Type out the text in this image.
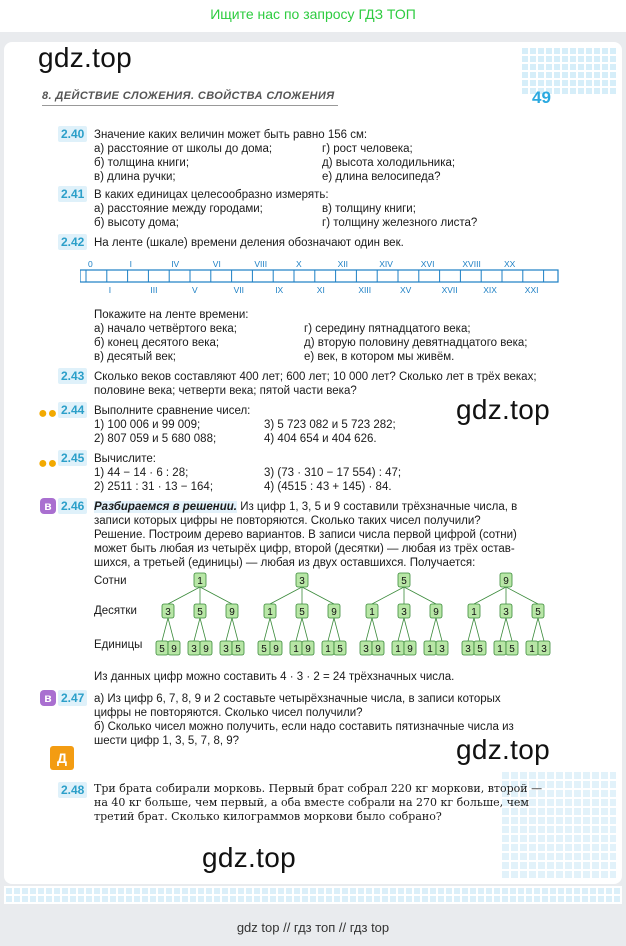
Ищите нас по запросу ГДЗ ТОП
gdz.top
8. ДЕЙСТВИЕ СЛОЖЕНИЯ. СВОЙСТВА СЛОЖЕНИЯ	49
2.40 Значение каких величин может быть равно 156 см:
а) расстояние от школы до дома;
б) толщина книги;
в) длина ручки;
г) рост человека;
д) высота холодильника;
е) длина велосипеда?
2.41 В каких единицах целесообразно измерять:
а) расстояние между городами;
б) высоту дома;
в) толщину книги;
г) толщину железного листа?
2.42 На ленте (шкале) времени деления обозначают один век.
0	I	IV	VI	VIII	X	XII	XIV	XVI	XVIII	XX
I	III	V	VII	IX	XI	XIII	XV	XVII	XIX	XXI
Покажите на ленте времени:
а) начало четвёртого века;
б) конец десятого века;
в) десятый век;
г) середину пятнадцатого века;
д) вторую половину девятнадцатого века;
е) век, в котором мы живём.
2.43 Сколько веков составляют 400 лет; 600 лет; 10 000 лет? Сколько лет в трёх веках;
половине века; четверти века; пятой части века?
●● 2.44 Выполните сравнение чисел:
1) 100 006 и 99 009;
2) 807 059 и 5 680 088;
3) 5 723 082 и 5 723 282;
4) 404 654 и 404 626.
gdz.top
●● 2.45 Вычислите:
1) 44 − 14 · 6 : 28;
2) 2511 : 31 · 13 − 164;
3) (73 · 310 − 17 554) : 47;
4) (4515 : 43 + 145) · 84.
в 2.46 Разбираемся в решении. Из цифр 1, 3, 5 и 9 составили трёхзначные числа, в
записи которых цифры не повторяются. Сколько таких чисел получили?
Решение. Построим дерево вариантов. В записи числа первой цифрой (сотни)
может быть любая из четырёх цифр, второй (десятки) — любая из трёх остав-
шихся, а третьей (единицы) — любая из двух оставшихся. Получается:
Сотни
Десятки
Единицы
1
3
5 9
5
3 9
9
3 5
3
1
5 9
5
1 9
9
1 5
5
1
3 9
3
1 9
9
1 3
9
1
3 5
3
1 5
5
1 3
Из данных цифр можно составить 4 · 3 · 2 = 24 трёхзначных числа.
в 2.47 а) Из цифр 6, 7, 8, 9 и 2 составьте четырёхзначные числа, в записи которых
цифры не повторяются. Сколько чисел получили?
б) Сколько чисел можно получить, если надо составить пятизначные числа из
шести цифр 1, 3, 5, 7, 8, 9?	gdz.top
Д
2.48 Три брата собирали морковь. Первый брат собрал 220 кг моркови, второй —
на 40 кг больше, чем первый, а оба вместе собрали на 270 кг больше, чем
третий брат. Сколько килограммов моркови было собрано?
gdz.top
gdz top // гдз топ // гдз top
